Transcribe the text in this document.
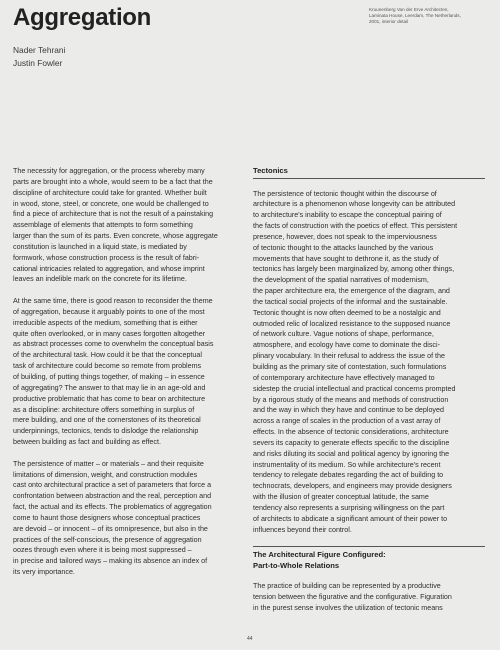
Aggregation
Nader Tehrani
Justin Fowler
Kruunenberg Van der Erve Architecten,
Laminata House, Leerdam, The Netherlands,
2001, interior detail
The necessity for aggregation, or the process whereby many
parts are brought into a whole, would seem to be a fact that the
discipline of architecture could take for granted. Whether built
in wood, stone, steel, or concrete, one would be challenged to
find a piece of architecture that is not the result of a painstaking
assemblage of elements that attempts to form something
larger than the sum of its parts. Even concrete, whose aggregate
constitution is launched in a liquid state, is mediated by
formwork, whose construction process is the result of fabri-
cational intricacies related to aggregation, and whose imprint
leaves an indelible mark on the concrete for its lifetime.
At the same time, there is good reason to reconsider the theme
of aggregation, because it arguably points to one of the most
irreducible aspects of the medium, something that is either
quite often overlooked, or in many cases forgotten altogether
as abstract processes come to overwhelm the conceptual basis
of the architectural task. How could it be that the conceptual
task of architecture could become so remote from problems
of building, of putting things together, of making – in essence
of aggregating? The answer to that may lie in an age-old and
productive problematic that has come to bear on architecture
as a discipline: architecture offers something in surplus of
mere building, and one of the cornerstones of its theoretical
underpinnings, tectonics, tends to dislodge the relationship
between building as fact and building as effect.
The persistence of matter – or materials – and their requisite
limitations of dimension, weight, and construction modules
cast onto architectural practice a set of parameters that force a
confrontation between abstraction and the real, perception and
fact, the actual and its effects. The problematics of aggregation
come to haunt those designers whose conceptual practices
are devoid – or innocent – of its omnipresence, but also in the
practices of the self-conscious, the presence of aggregation
oozes through even where it is being most suppressed –
in precise and tailored ways – making its absence an index of
its very importance.
Tectonics
The persistence of tectonic thought within the discourse of
architecture is a phenomenon whose longevity can be attributed
to architecture's inability to escape the conceptual pairing of
the facts of construction with the poetics of effect. This persistent
presence, however, does not speak to the imperviousness
of tectonic thought to the attacks launched by the various
movements that have sought to dethrone it, as the study of
tectonics has largely been marginalized by, among other things,
the development of the spatial narratives of modernism,
the paper architecture era, the emergence of the diagram, and
the tactical social projects of the informal and the sustainable.
Tectonic thought is now often deemed to be a nostalgic and
outmoded relic of localized resistance to the supposed nuance
of network culture. Vague notions of shape, performance,
atmosphere, and ecology have come to dominate the disci-
plinary vocabulary. In their refusal to address the issue of the
building as the primary site of contestation, such formulations
of contemporary architecture have effectively managed to
sidestep the crucial intellectual and practical concerns prompted
by a rigorous study of the means and methods of construction
and the way in which they have and continue to be deployed
across a range of scales in the production of a vast array of
effects. In the absence of tectonic considerations, architecture
severs its capacity to generate effects specific to the discipline
and risks diluting its social and political agency by ignoring the
instrumentality of its medium. So while architecture's recent
tendency to relegate debates regarding the act of building to
technocrats, developers, and engineers may provide designers
with the illusion of greater conceptual latitude, the same
tendency also represents a surprising willingness on the part
of architects to abdicate a significant amount of their power to
influences beyond their control.
The Architectural Figure Configured:
Part-to-Whole Relations
The practice of building can be represented by a productive
tension between the figurative and the configurative. Figuration
in the purest sense involves the utilization of tectonic means
44
